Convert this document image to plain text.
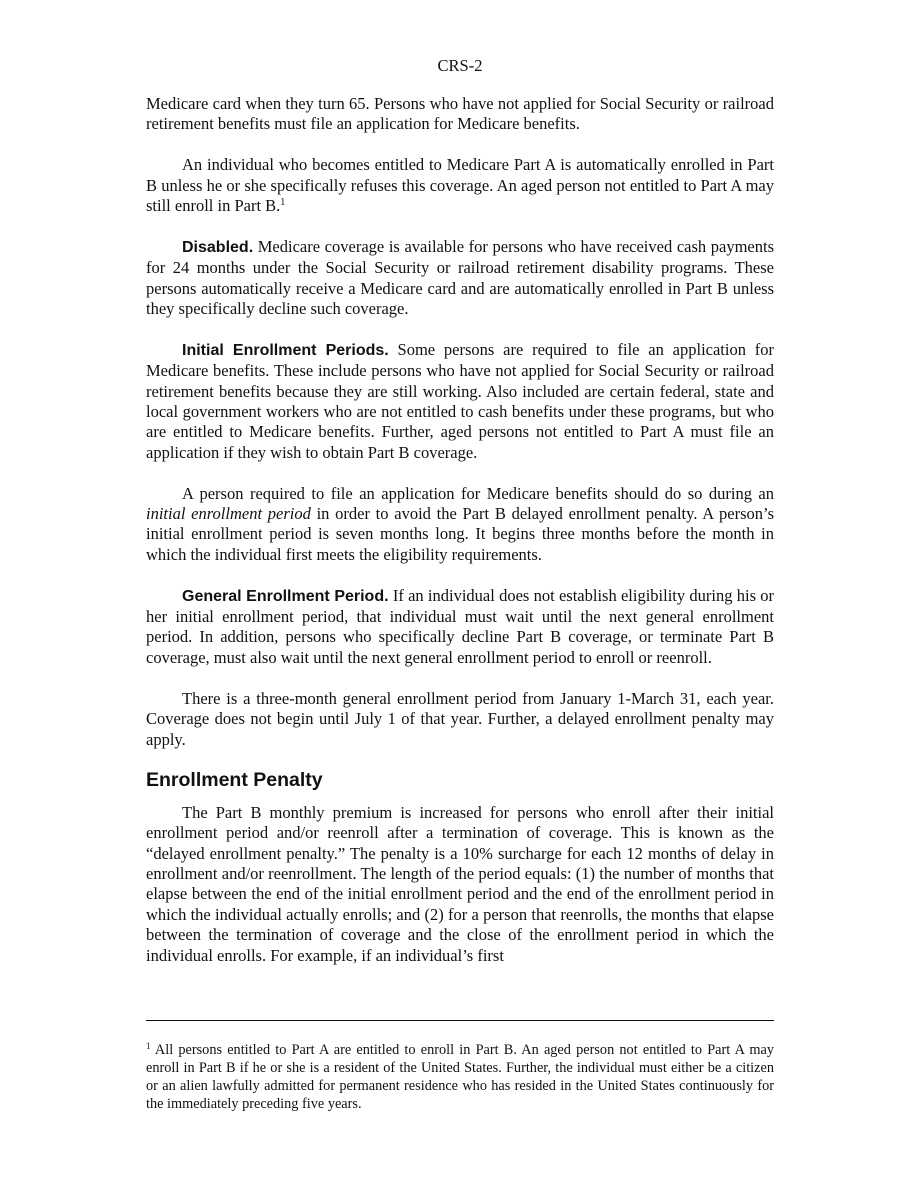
CRS-2

Medicare card when they turn 65. Persons who have not applied for Social Security or railroad retirement benefits must file an application for Medicare benefits.

An individual who becomes entitled to Medicare Part A is automatically enrolled in Part B unless he or she specifically refuses this coverage. An aged person not entitled to Part A may still enroll in Part B.$^1$

Disabled. Medicare coverage is available for persons who have received cash payments for 24 months under the Social Security or railroad retirement disability programs. These persons automatically receive a Medicare card and are automatically enrolled in Part B unless they specifically decline such coverage.

Initial Enrollment Periods. Some persons are required to file an application for Medicare benefits. These include persons who have not applied for Social Security or railroad retirement benefits because they are still working. Also included are certain federal, state and local government workers who are not entitled to cash benefits under these programs, but who are entitled to Medicare benefits. Further, aged persons not entitled to Part A must file an application if they wish to obtain Part B coverage.

A person required to file an application for Medicare benefits should do so during an initial enrollment period in order to avoid the Part B delayed enrollment penalty. A person’s initial enrollment period is seven months long. It begins three months before the month in which the individual first meets the eligibility requirements.

General Enrollment Period. If an individual does not establish eligibility during his or her initial enrollment period, that individual must wait until the next general enrollment period. In addition, persons who specifically decline Part B coverage, or terminate Part B coverage, must also wait until the next general enrollment period to enroll or reenroll.

There is a three-month general enrollment period from January 1-March 31, each year. Coverage does not begin until July 1 of that year. Further, a delayed enrollment penalty may apply.

Enrollment Penalty

The Part B monthly premium is increased for persons who enroll after their initial enrollment period and/or reenroll after a termination of coverage. This is known as the “delayed enrollment penalty.” The penalty is a 10% surcharge for each 12 months of delay in enrollment and/or reenrollment. The length of the period equals: (1) the number of months that elapse between the end of the initial enrollment period and the end of the enrollment period in which the individual actually enrolls; and (2) for a person that reenrolls, the months that elapse between the termination of coverage and the close of the enrollment period in which the individual enrolls. For example, if an individual’s first

$^1$ All persons entitled to Part A are entitled to enroll in Part B. An aged person not entitled to Part A may enroll in Part B if he or she is a resident of the United States. Further, the individual must either be a citizen or an alien lawfully admitted for permanent residence who has resided in the United States continuously for the immediately preceding five years.
